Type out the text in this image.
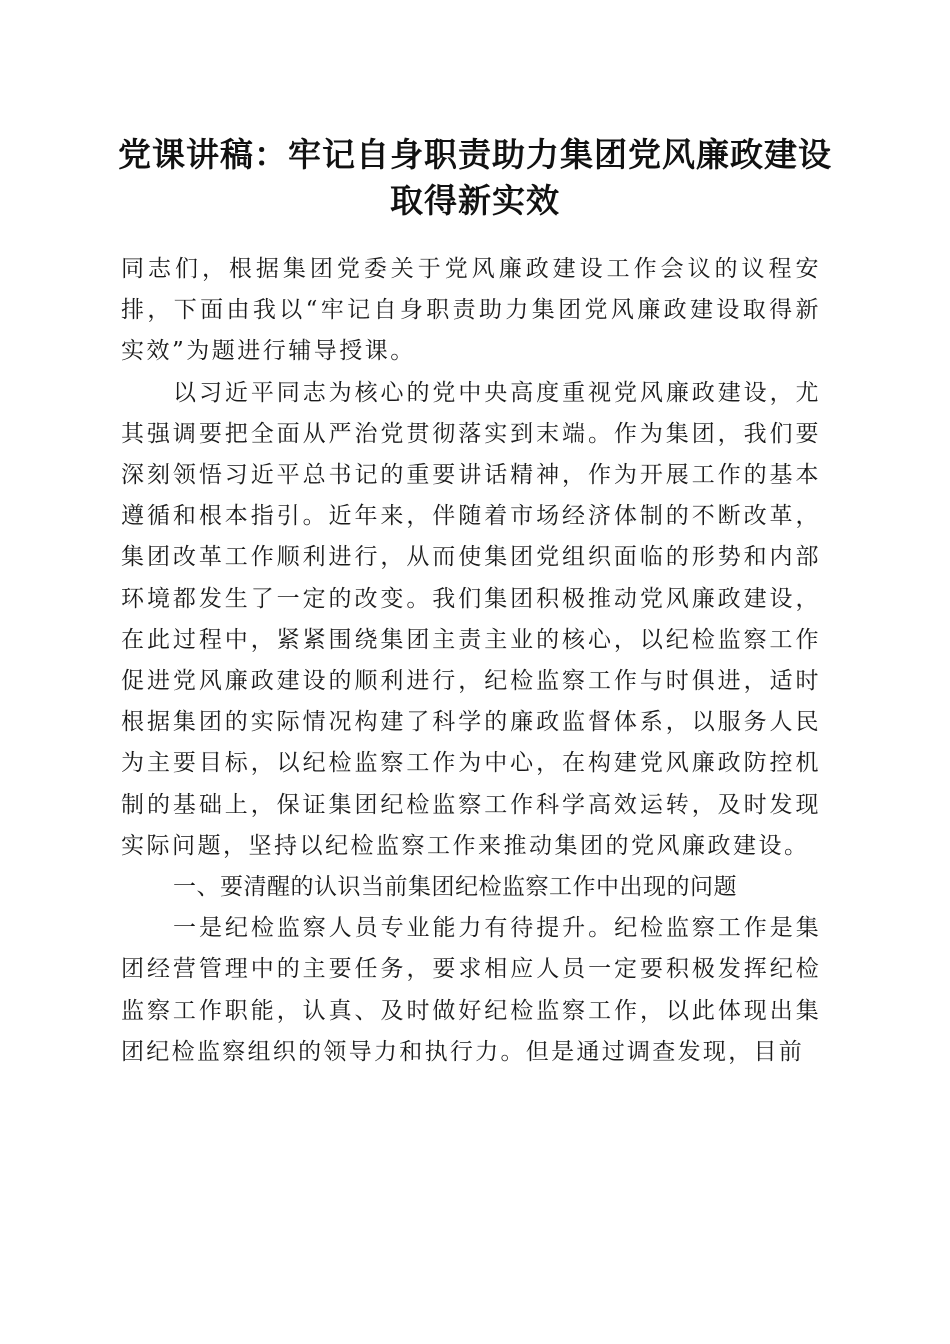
党课讲稿：牢记自身职责助力集团党风廉政建设取得新实效

同志们，根据集团党委关于党风廉政建设工作会议的议程安排，下面由我以“牢记自身职责助力集团党风廉政建设取得新实效”为题进行辅导授课。

以习近平同志为核心的党中央高度重视党风廉政建设，尤其强调要把全面从严治党贯彻落实到末端。作为集团，我们要深刻领悟习近平总书记的重要讲话精神，作为开展工作的基本遵循和根本指引。近年来，伴随着市场经济体制的不断改革，集团改革工作顺利进行，从而使集团党组织面临的形势和内部环境都发生了一定的改变。我们集团积极推动党风廉政建设，在此过程中，紧紧围绕集团主责主业的核心，以纪检监察工作促进党风廉政建设的顺利进行，纪检监察工作与时俱进，适时根据集团的实际情况构建了科学的廉政监督体系，以服务人民为主要目标，以纪检监察工作为中心，在构建党风廉政防控机制的基础上，保证集团纪检监察工作科学高效运转，及时发现实际问题，坚持以纪检监察工作来推动集团的党风廉政建设。

一、要清醒的认识当前集团纪检监察工作中出现的问题

一是纪检监察人员专业能力有待提升。纪检监察工作是集团经营管理中的主要任务，要求相应人员一定要积极发挥纪检监察工作职能，认真、及时做好纪检监察工作，以此体现出集团纪检监察组织的领导力和执行力。但是通过调查发现，目前
